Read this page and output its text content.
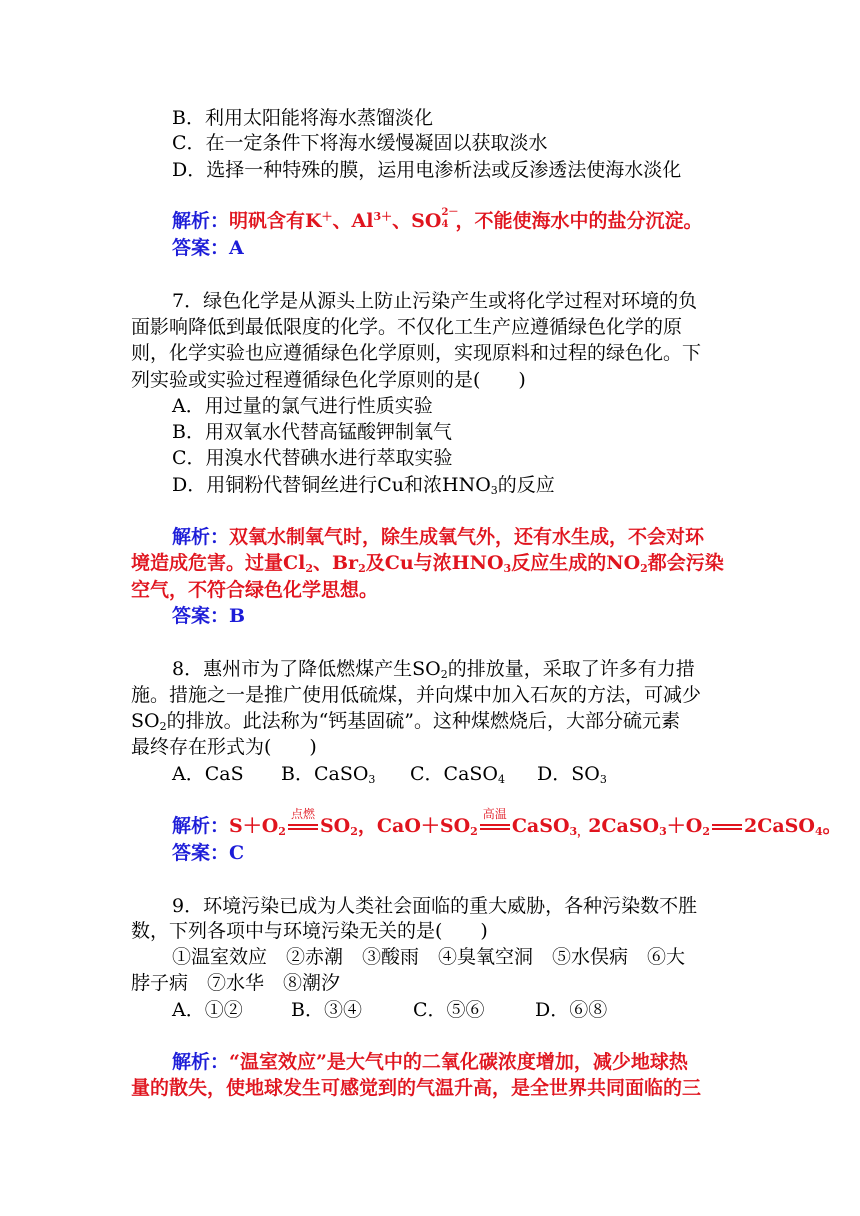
B．利用太阳能将海水蒸馏淡化
C．在一定条件下将海水缓慢凝固以获取淡水
D．选择一种特殊的膜，运用电渗析法或反渗透法使海水淡化
解析：明矾含有K＋、$Al^{3+}$、SO 2－
4 ，不能使海水中的盐分沉淀。
答案：A
7．绿色化学是从源头上防止污染产生或将化学过程对环境的负
面影响降低到最低限度的化学。不仅化工生产应遵循绿色化学的原
则，化学实验也应遵循绿色化学原则，实现原料和过程的绿色化。下
列实验或实验过程遵循绿色化学原则的是(　　)
A．用过量的氯气进行性质实验
B．用双氧水代替高锰酸钾制氧气
C．用溴水代替碘水进行萃取实验
D．用铜粉代替铜丝进行Cu和浓$HNO_3$的反应
解析：双氧水制氧气时，除生成氧气外，还有水生成，不会对环
境造成危害。过量$Cl_2$、$Br_2$及Cu与浓$HNO_3$反应生成的$NO_2$都会污染
空气，不符合绿色化学思想。
答案：B
8．惠州市为了降低燃煤产生$SO_2$的排放量，采取了许多有力措
施。措施之一是推广使用低硫煤，并向煤中加入石灰的方法，可减少
$SO_2$的排放。此法称为“钙基固硫”。这种煤燃烧后，大部分硫元素
最终存在形式为(　　)
A．CaS B．CaSO$_3$ C．CaSO$_4$ D．$SO_3$
解析：$S+O_2$
点燃
$SO_2$，$CaO+SO_2$
高温
$CaSO_{3,}2CaSO_3+O_2$ 2CaSO$_4$。
答案：C
9．环境污染已成为人类社会面临的重大威胁，各种污染数不胜
数，下列各项中与环境污染无关的是(　　)
①温室效应　②赤潮　③酸雨　④臭氧空洞　⑤水俣病　⑥大
脖子病　⑦水华　⑧潮汐
A．①②	B．③④	C．⑤⑥	D．⑥⑧
解析：“温室效应”是大气中的二氧化碳浓度增加，减少地球热
量的散失，使地球发生可感觉到的气温升高，是全世界共同面临的三
